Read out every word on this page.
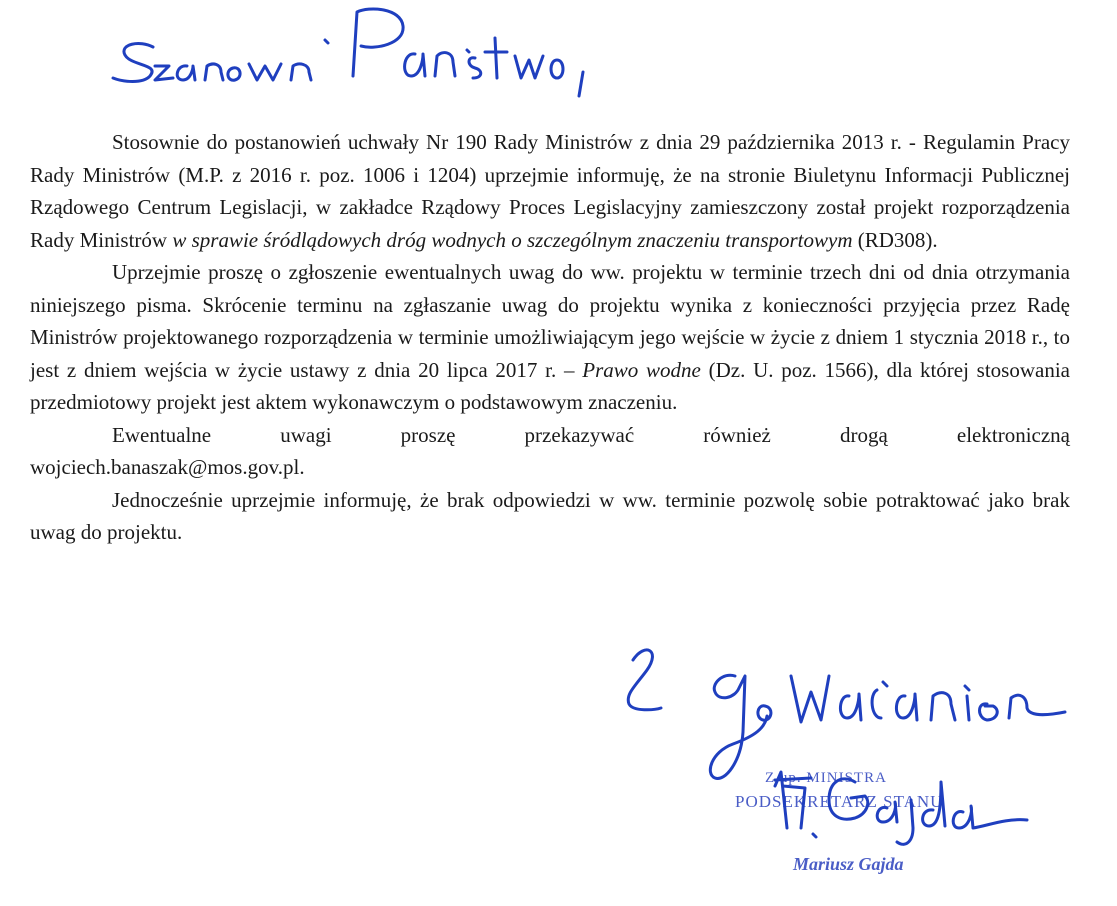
Stosownie do postanowień uchwały Nr 190 Rady Ministrów z dnia 29 października 2013 r. - Regulamin Pracy Rady Ministrów (M.P. z 2016 r. poz. 1006 i 1204) uprzejmie informuję, że na stronie Biuletynu Informacji Publicznej Rządowego Centrum Legislacji, w zakładce Rządowy Proces Legislacyjny zamieszczony został projekt rozporządzenia Rady Ministrów w sprawie śródlądowych dróg wodnych o szczególnym znaczeniu transportowym (RD308).

Uprzejmie proszę o zgłoszenie ewentualnych uwag do ww. projektu w terminie trzech dni od dnia otrzymania niniejszego pisma. Skrócenie terminu na zgłaszanie uwag do projektu wynika z konieczności przyjęcia przez Radę Ministrów projektowanego rozporządzenia w terminie umożliwiającym jego wejście w życie z dniem 1 stycznia 2018 r., to jest z dniem wejścia w życie ustawy z dnia 20 lipca 2017 r. – Prawo wodne (Dz. U. poz. 1566), dla której stosowania przedmiotowy projekt jest aktem wykonawczym o podstawowym znaczeniu.

Ewentualne uwagi proszę przekazywać również drogą elektroniczną
wojciech.banaszak@mos.gov.pl.

Jednocześnie uprzejmie informuję, że brak odpowiedzi w ww. terminie pozwolę sobie potraktować jako brak uwag do projektu.

Z up. MINISTRA
PODSEKRETARZ STANU
Mariusz Gajda
